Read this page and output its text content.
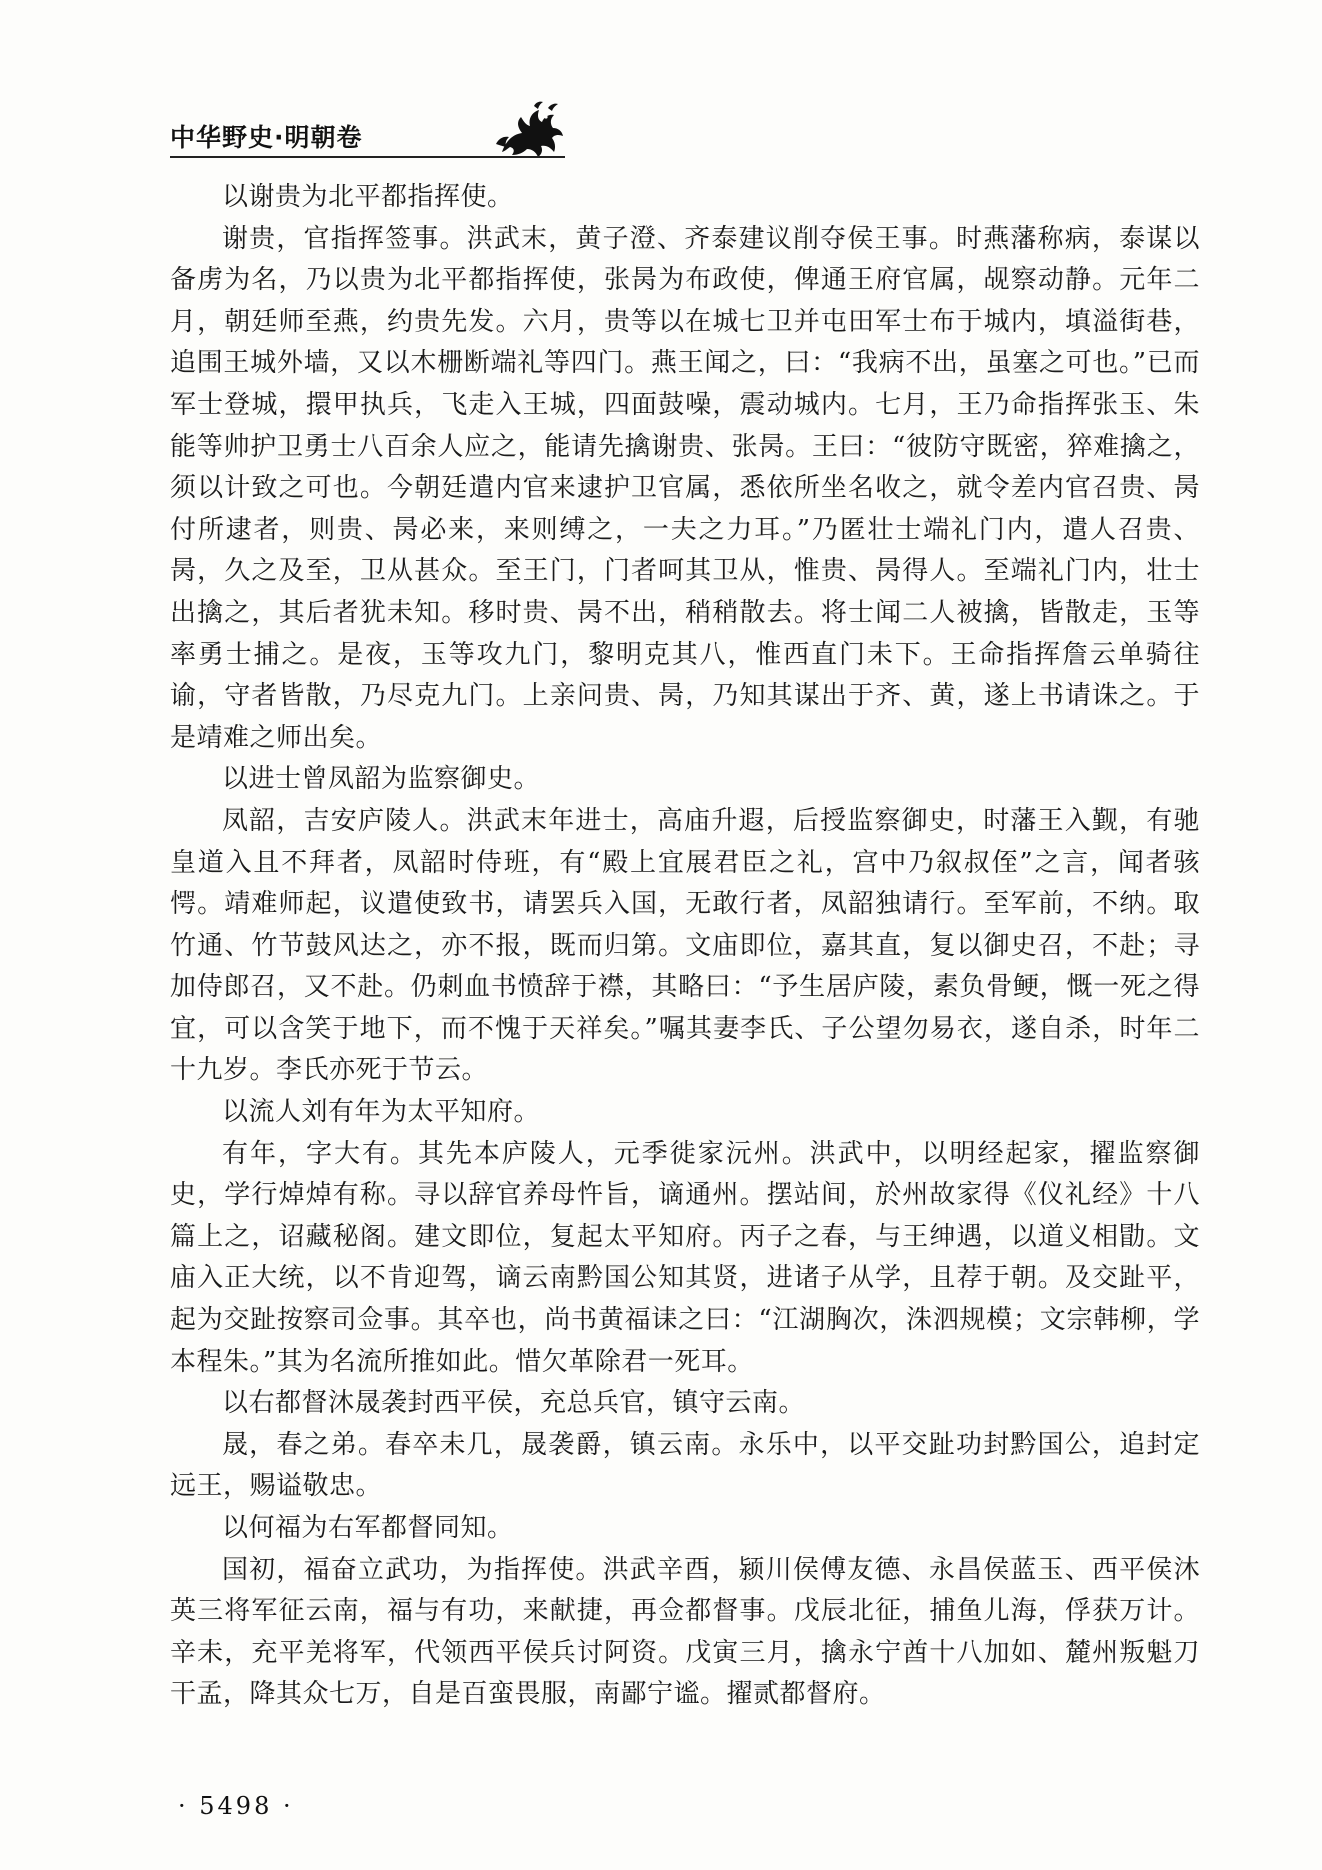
中华野史·明朝卷

以谢贵为北平都指挥使。

谢贵，官指挥签事。洪武末，黄子澄、齐泰建议削夺侯王事。时燕藩称病，泰谋以备虏为名，乃以贵为北平都指挥使，张昺为布政使，俾通王府官属，觇察动静。元年二月，朝廷师至燕，约贵先发。六月，贵等以在城七卫并屯田军士布于城内，填溢街巷，追围王城外墙，又以木栅断端礼等四门。燕王闻之，曰：“我病不出，虽塞之可也。”已而军士登城，擐甲执兵，飞走入王城，四面鼓噪，震动城内。七月，王乃命指挥张玉、朱能等帅护卫勇士八百余人应之，能请先擒谢贵、张昺。王曰：“彼防守既密，猝难擒之，须以计致之可也。今朝廷遣内官来逮护卫官属，悉依所坐名收之，就令差内官召贵、昺付所逮者，则贵、昺必来，来则缚之，一夫之力耳。”乃匿壮士端礼门内，遣人召贵、昺，久之及至，卫从甚众。至王门，门者呵其卫从，惟贵、昺得人。至端礼门内，壮士出擒之，其后者犹未知。移时贵、昺不出，稍稍散去。将士闻二人被擒，皆散走，玉等率勇士捕之。是夜，玉等攻九门，黎明克其八，惟西直门未下。王命指挥詹云单骑往谕，守者皆散，乃尽克九门。上亲问贵、昺，乃知其谋出于齐、黄，遂上书请诛之。于是靖难之师出矣。

以进士曾凤韶为监察御史。

凤韶，吉安庐陵人。洪武末年进士，高庙升遐，后授监察御史，时藩王入觐，有驰皇道入且不拜者，凤韶时侍班，有“殿上宜展君臣之礼，宫中乃叙叔侄”之言，闻者骇愕。靖难师起，议遣使致书，请罢兵入国，无敢行者，凤韶独请行。至军前，不纳。取竹通、竹节鼓风达之，亦不报，既而归第。文庙即位，嘉其直，复以御史召，不赴；寻加侍郎召，又不赴。仍刺血书愤辞于襟，其略曰：“予生居庐陵，素负骨鲠，慨一死之得宜，可以含笑于地下，而不愧于天祥矣。”嘱其妻李氏、子公望勿易衣，遂自杀，时年二十九岁。李氏亦死于节云。

以流人刘有年为太平知府。

有年，字大有。其先本庐陵人，元季徙家沅州。洪武中，以明经起家，擢监察御史，学行焯焯有称。寻以辞官养母忤旨，谪通州。摆站间，於州故家得《仪礼经》十八篇上之，诏藏秘阁。建文即位，复起太平知府。丙子之春，与王绅遇，以道义相勖。文庙入正大统，以不肯迎驾，谪云南黔国公知其贤，进诸子从学，且荐于朝。及交趾平，起为交趾按察司佥事。其卒也，尚书黄福诔之曰：“江湖胸次，洙泗规模；文宗韩柳，学本程朱。”其为名流所推如此。惜欠革除君一死耳。

以右都督沐晟袭封西平侯，充总兵官，镇守云南。

晟，春之弟。春卒未几，晟袭爵，镇云南。永乐中，以平交趾功封黔国公，追封定远王，赐谥敬忠。

以何福为右军都督同知。

国初，福奋立武功，为指挥使。洪武辛酉，颍川侯傅友德、永昌侯蓝玉、西平侯沐英三将军征云南，福与有功，来献捷，再佥都督事。戊辰北征，捕鱼儿海，俘获万计。辛未，充平羌将军，代领西平侯兵讨阿资。戊寅三月，擒永宁酋十八加如、麓州叛魁刀干孟，降其众七万，自是百蛮畏服，南鄙宁谧。擢贰都督府。

· 5498 ·
